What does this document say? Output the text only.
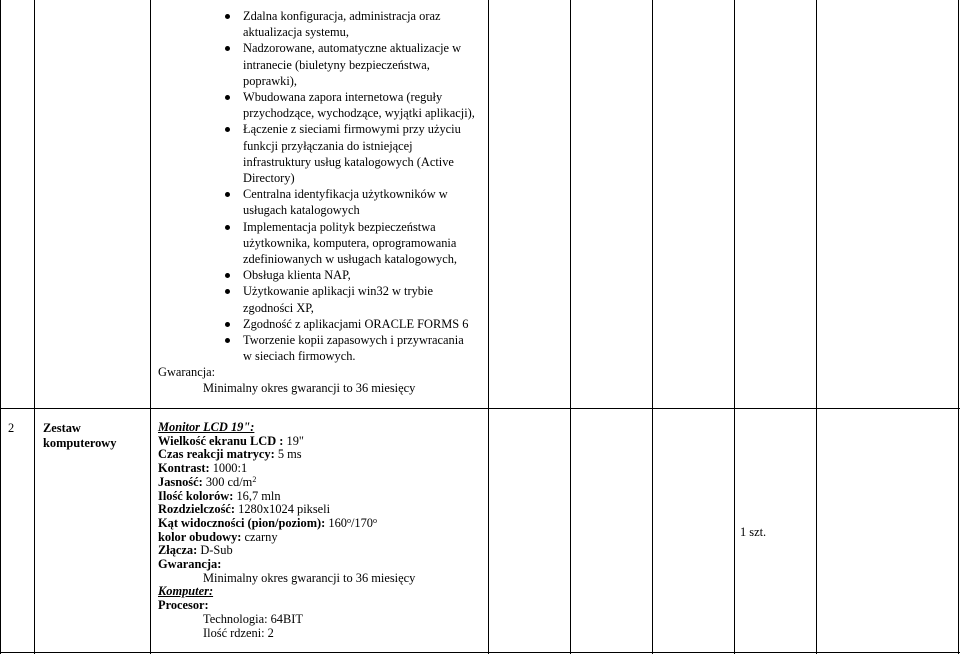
Zdalna konfiguracja, administracja oraz aktualizacja systemu,
Nadzorowane, automatyczne aktualizacje w intranecie (biuletyny bezpieczeństwa, poprawki),
Wbudowana zapora internetowa (reguły przychodzące, wychodzące, wyjątki aplikacji),
Łączenie z sieciami firmowymi przy użyciu funkcji przyłączania do istniejącej infrastruktury usług katalogowych (Active Directory)
Centralna identyfikacja użytkowników w usługach katalogowych
Implementacja polityk bezpieczeństwa użytkownika, komputera, oprogramowania zdefiniowanych w usługach katalogowych,
Obsługa klienta NAP,
Użytkowanie aplikacji win32 w trybie zgodności XP,
Zgodność z aplikacjami ORACLE FORMS 6
Tworzenie kopii zapasowych i przywracania w sieciach firmowych.
Gwarancja:
Minimalny okres gwarancji to 36 miesięcy
2 Zestaw
komputerowy
1 szt.
Monitor LCD 19":
Wielkość ekranu LCD : 19"
Czas reakcji matrycy: 5 ms
Kontrast: 1000:1
Jasność: 300 $cd/m^2$
Ilość kolorów: 16,7 mln
Rozdzielczość: 1280x1024 pikseli
Kąt widoczności (pion/poziom): 160$^o$/170$^o$
kolor obudowy: czarny
Złącza: D-Sub
Gwarancja:
Minimalny okres gwarancji to 36 miesięcy
Komputer:
Procesor:
Technologia: 64BIT
Ilość rdzeni: 2
